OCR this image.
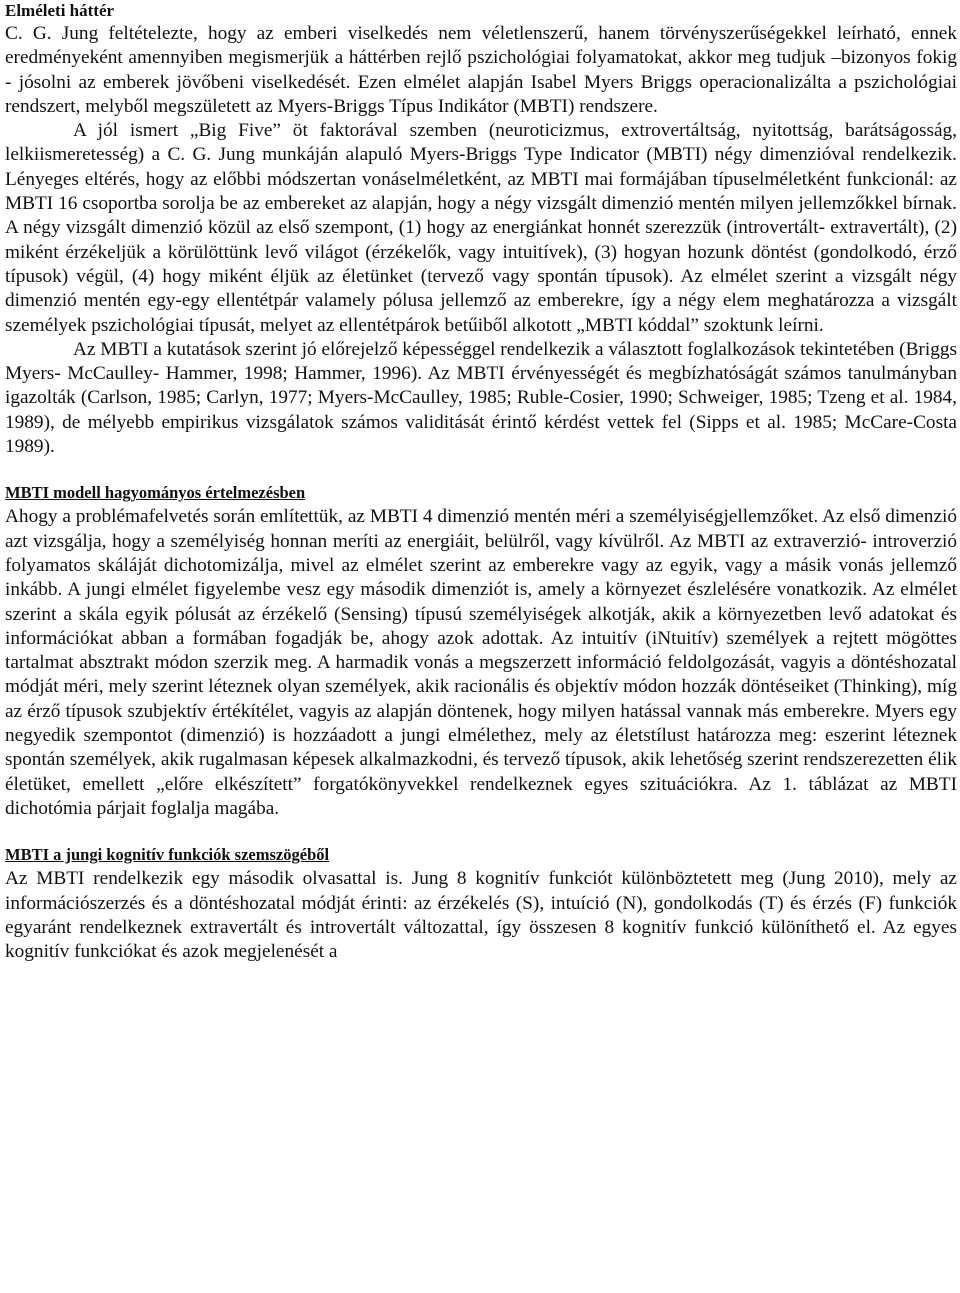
Elméleti háttér

C. G. Jung feltételezte, hogy az emberi viselkedés nem véletlenszerű, hanem törvényszerűségekkel leírható, ennek eredményeként amennyiben megismerjük a háttérben rejlő pszichológiai folyamatokat, akkor meg tudjuk –bizonyos fokig - jósolni az emberek jövőbeni viselkedését. Ezen elmélet alapján Isabel Myers Briggs operacionalizálta a pszichológiai rendszert, melyből megszületett az Myers-Briggs Típus Indikátor (MBTI) rendszere.

A jól ismert „Big Five” öt faktorával szemben (neuroticizmus, extrovertáltság, nyitottság, barátságosság, lelkiismeretesség) a C. G. Jung munkáján alapuló Myers-Briggs Type Indicator (MBTI) négy dimenzióval rendelkezik. Lényeges eltérés, hogy az előbbi módszertan vonáselméletként, az MBTI mai formájában típuselméletként funkcionál: az MBTI 16 csoportba sorolja be az embereket az alapján, hogy a négy vizsgált dimenzió mentén milyen jellemzőkkel bírnak. A négy vizsgált dimenzió közül az első szempont, (1) hogy az energiánkat honnét szerezzük (introvertált- extravertált), (2) miként érzékeljük a körülöttünk levő világot (érzékelők, vagy intuitívek), (3) hogyan hozunk döntést (gondolkodó, érző típusok) végül, (4) hogy miként éljük az életünket (tervező vagy spontán típusok). Az elmélet szerint a vizsgált négy dimenzió mentén egy-egy ellentétpár valamely pólusa jellemző az emberekre, így a négy elem meghatározza a vizsgált személyek pszichológiai típusát, melyet az ellentétpárok betűiből alkotott „MBTI kóddal” szoktunk leírni.

Az MBTI a kutatások szerint jó előrejelző képességgel rendelkezik a választott foglalkozások tekintetében (Briggs Myers- McCaulley- Hammer, 1998; Hammer, 1996). Az MBTI érvényességét és megbízhatóságát számos tanulmányban igazolták (Carlson, 1985; Carlyn, 1977; Myers-McCaulley, 1985; Ruble-Cosier, 1990; Schweiger, 1985; Tzeng et al. 1984, 1989), de mélyebb empirikus vizsgálatok számos validitását érintő kérdést vettek fel (Sipps et al. 1985; McCare-Costa 1989).

MBTI modell hagyományos értelmezésben

Ahogy a problémafelvetés során említettük, az MBTI 4 dimenzió mentén méri a személyiségjellemzőket. Az első dimenzió azt vizsgálja, hogy a személyiség honnan meríti az energiáit, belülről, vagy kívülről. Az MBTI az extraverzió- introverzió folyamatos skáláját dichotomizálja, mivel az elmélet szerint az emberekre vagy az egyik, vagy a másik vonás jellemző inkább. A jungi elmélet figyelembe vesz egy második dimenziót is, amely a környezet észlelésére vonatkozik. Az elmélet szerint a skála egyik pólusát az érzékelő (Sensing) típusú személyiségek alkotják, akik a környezetben levő adatokat és információkat abban a formában fogadják be, ahogy azok adottak. Az intuitív (iNtuitív) személyek a rejtett mögöttes tartalmat absztrakt módon szerzik meg. A harmadik vonás a megszerzett információ feldolgozását, vagyis a döntéshozatal módját méri, mely szerint léteznek olyan személyek, akik racionális és objektív módon hozzák döntéseiket (Thinking), míg az érző típusok szubjektív értékítélet, vagyis az alapján döntenek, hogy milyen hatással vannak más emberekre. Myers egy negyedik szempontot (dimenzió) is hozzáadott a jungi elmélethez, mely az életstílust határozza meg: eszerint léteznek spontán személyek, akik rugalmasan képesek alkalmazkodni, és tervező típusok, akik lehetőség szerint rendszerezetten élik életüket, emellett „előre elkészített” forgatókönyvekkel rendelkeznek egyes szituációkra. Az 1. táblázat az MBTI dichotómia párjait foglalja magába.

MBTI a jungi kognitív funkciók szemszögéből

Az MBTI rendelkezik egy második olvasattal is. Jung 8 kognitív funkciót különböztetett meg (Jung 2010), mely az információszerzés és a döntéshozatal módját érinti: az érzékelés (S), intuíció (N), gondolkodás (T) és érzés (F) funkciók egyaránt rendelkeznek extravertált és introvertált változattal, így összesen 8 kognitív funkció különíthető el. Az egyes kognitív funkciókat és azok megjelenését a
